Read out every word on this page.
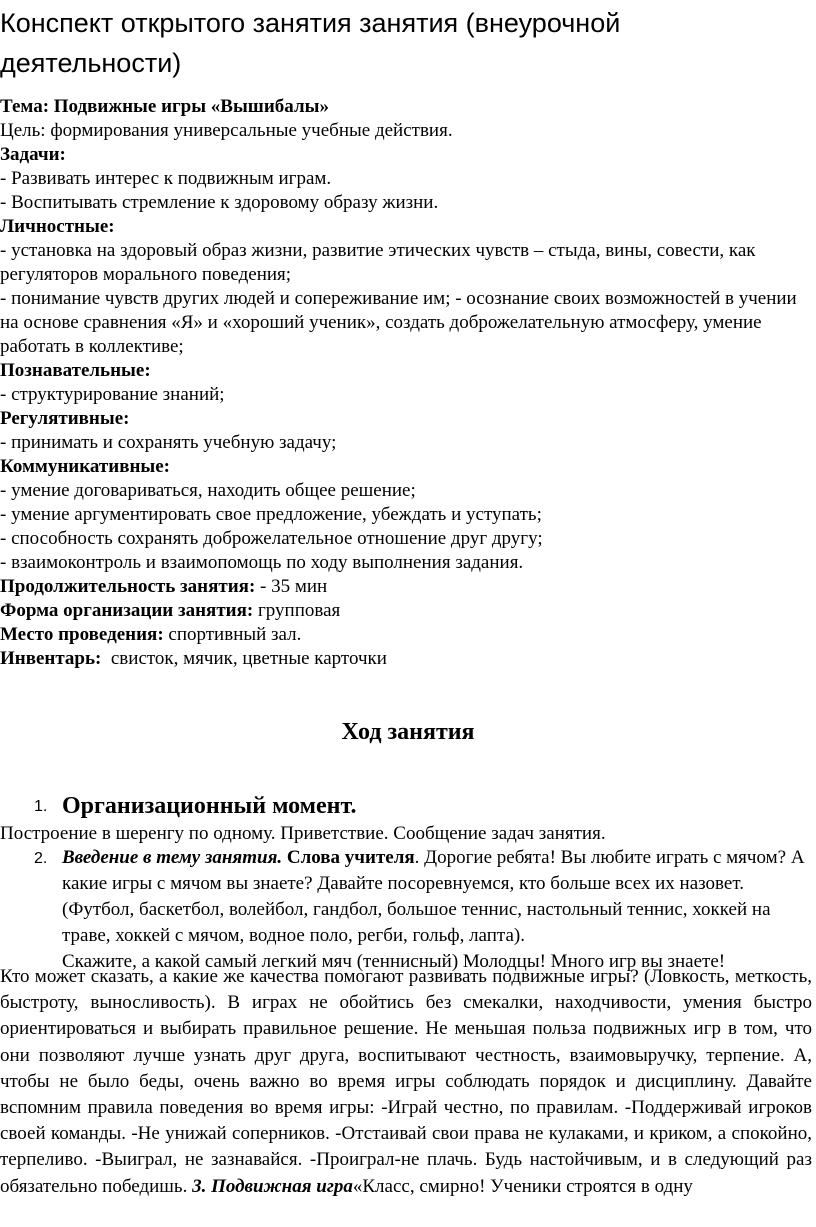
Конспект открытого занятия занятия (внеурочной деятельности)

Тема: Подвижные игры «Вышибалы»

Цель: формирования универсальные учебные действия.

Задачи:

- Развивать интерес к подвижным играм.

- Воспитывать стремление к здоровому образу жизни.

Личностные:

- установка на здоровый образ жизни, развитие этических чувств – стыда, вины, совести, как регуляторов морального поведения;

- понимание чувств других людей и сопереживание им; - осознание своих возможностей в учении на основе сравнения «Я» и «хороший ученик», создать доброжелательную атмосферу, умение работать в коллективе;

Познавательные:

- структурирование знаний;

Регулятивные:

- принимать и сохранять учебную задачу;

Коммуникативные:

- умение договариваться, находить общее решение;

- умение аргументировать свое предложение, убеждать и уступать;

- способность сохранять доброжелательное отношение друг другу;

- взаимоконтроль и взаимопомощь по ходу выполнения задания.

Продолжительность занятия: - 35 мин

Форма организации занятия: групповая

Место проведения: спортивный зал.

Инвентарь:  свисток, мячик, цветные карточки

Ход занятия
1. Организационный момент.

Построение в шеренгу по одному. Приветствие. Сообщение задач занятия.

2. Введение в тему занятия. Слова учителя. Дорогие ребята! Вы любите играть с мячом? А какие игры с мячом вы знаете? Давайте посоревнуемся, кто больше всех их назовет. (Футбол, баскетбол, волейбол, гандбол, большое теннис, настольный теннис, хоккей на траве, хоккей с мячом, водное поло, регби, гольф, лапта).

Скажите, а какой самый легкий мяч (теннисный) Молодцы! Много игр вы знаете!

Кто может сказать, а какие же качества помогают развивать подвижные игры? (Ловкость, меткость, быстроту, выносливость). В играх не обойтись без смекалки, находчивости, умения быстро ориентироваться и выбирать правильное решение. Не меньшая польза подвижных игр в том, что они позволяют лучше узнать друг друга, воспитывают честность, взаимовыручку, терпение. А, чтобы не было беды, очень важно во время игры соблюдать порядок и дисциплину. Давайте вспомним правила поведения во время игры: -Играй честно, по правилам. -Поддерживай игроков своей команды. -Не унижай соперников. -Отстаивай свои права не кулаками, и криком, а спокойно, терпеливо. -Выиграл, не зазнавайся. -Проиграл-не плачь. Будь настойчивым, и в следующий раз обязательно победишь. 3. Подвижная игра«Класс, смирно! Ученики строятся в одну
